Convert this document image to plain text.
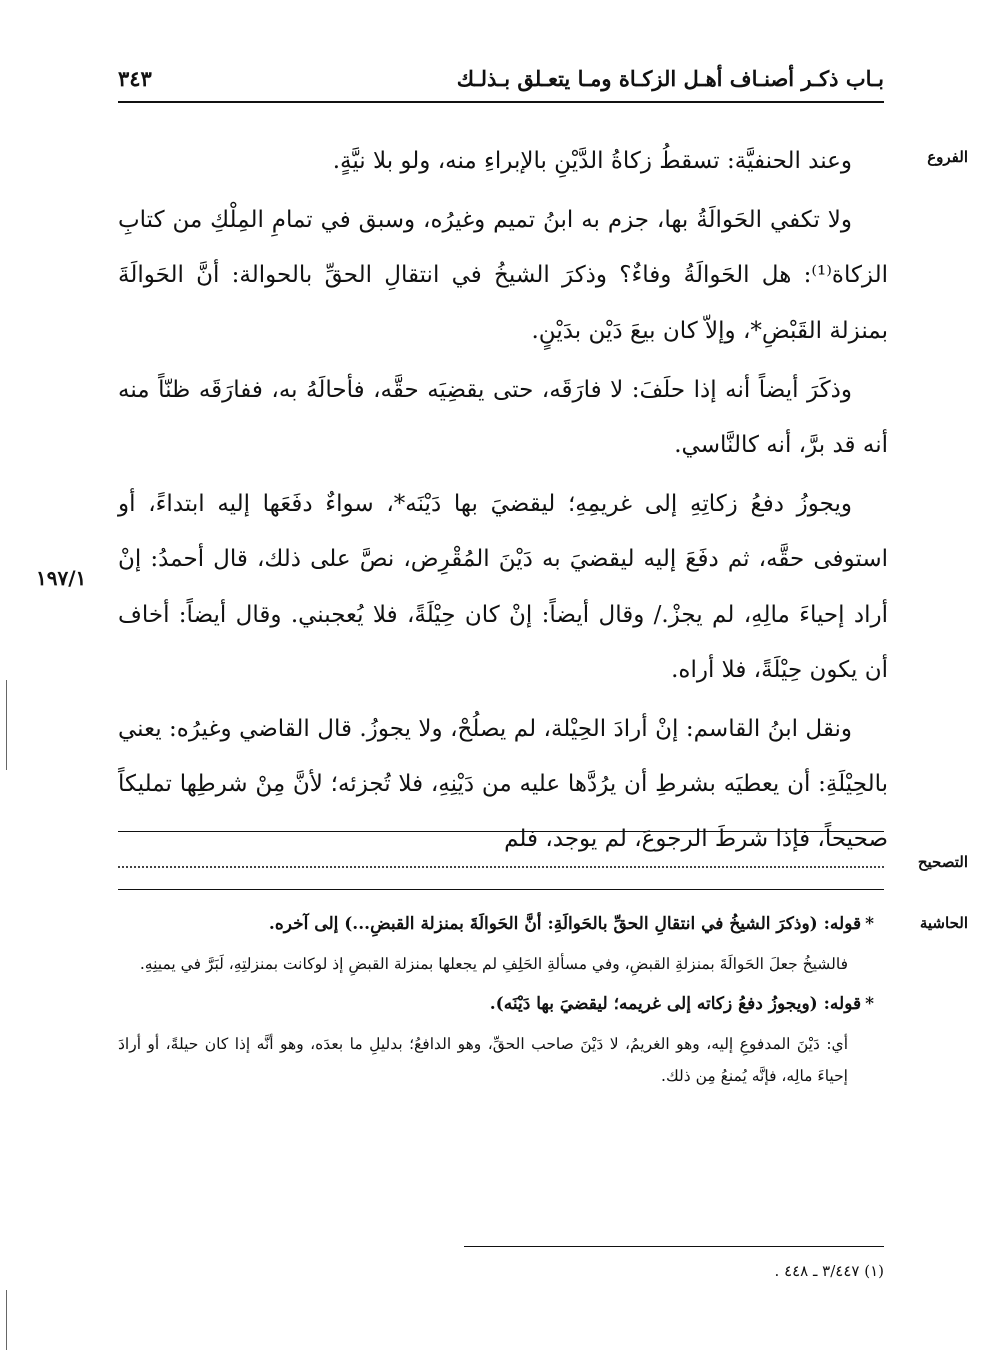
بـاب ذكـر أصنـاف أهـل الزكـاة ومـا يتعـلق بـذلـك
٣٤٣
الفروع
١٩٧/١
التصحيح
الحاشية

وعند الحنفيَّة: تسقطُ زكاةُ الدَّيْنِ بالإبراءِ منه، ولو بلا نيَّةٍ.

ولا تكفي الحَوالَةُ بها، جزم به ابنُ تميم وغيرُه، وسبق في تمامِ المِلْكِ من كتابِ الزكاة⁽¹⁾: هل الحَوالَةُ وفاءٌ؟ وذكرَ الشيخُ في انتقالِ الحقِّ بالحوالة: أنَّ الحَوالَةَ بمنزلة القَبْضِ*، وإلاّ كان بيعَ دَيْن بدَيْنٍ.

وذكَرَ أيضاً أنه إذا حلَفَ: لا فارَقَه، حتى يقضِيَه حقَّه، فأحالَهُ به، ففارَقَه ظنّاً منه أنه قد برَّ، أنه كالنَّاسي.

ويجوزُ دفعُ زكاتِهِ إلى غريمِهِ؛ ليقضيَ بها دَيْنَه*، سواءٌ دفَعَها إليه ابتداءً، أو استوفى حقَّه، ثم دفَعَ إليه ليقضيَ به دَيْنَ المُقْرِض، نصَّ على ذلك، قال أحمدُ: إنْ أراد إحياءَ مالِهِ، لم يجزْ./ وقال أيضاً: إنْ كان حِيْلَةً، فلا يُعجبني. وقال أيضاً: أخاف أن يكون حِيْلَةً، فلا أراه.

ونقل ابنُ القاسم: إنْ أرادَ الحِيْلة، لم يصلُحْ، ولا يجوزُ. قال القاضي وغيرُه: يعني بالحِيْلَةِ: أن يعطيَه بشرطِ أن يرُدَّها عليه من دَيْنِهِ، فلا تُجزئه؛ لأنَّ مِنْ شرطِها تمليكاً صحيحاً، فإذا شرطَ الرجوعَ، لم يوجد، فلم

*قوله: (وذكرَ الشيخُ في انتقالِ الحقِّ بالحَوالَةِ: أنَّ الحَوالَةَ بمنزلة القبضِ...) إلى آخره.

فالشيخُ جعلَ الحَوالَةَ بمنزلةِ القبضِ، وفي مسألةِ الحَلِفِ لم يجعلها بمنزلة القبضِ إذ لوكانت بمنزلتِهِ، لَبَرَّ في يمينِهِ.

*قوله: (ويجوزُ دفعُ زكاته إلى غريمه؛ ليقضيَ بها دَيْنَه).

أي: دَيْنَ المدفوعِ إليه، وهو الغريمُ، لا دَيْنَ صاحب الحقِّ، وهو الدافعُ؛ بدليلِ ما بعدَه، وهو أنَّه إذا كان حيلةً، أو أرادَ إحياءَ مالِه، فإنَّه يُمنعُ مِن ذلك.

(١) ٣/٤٤٧ ـ ٤٤٨ .
